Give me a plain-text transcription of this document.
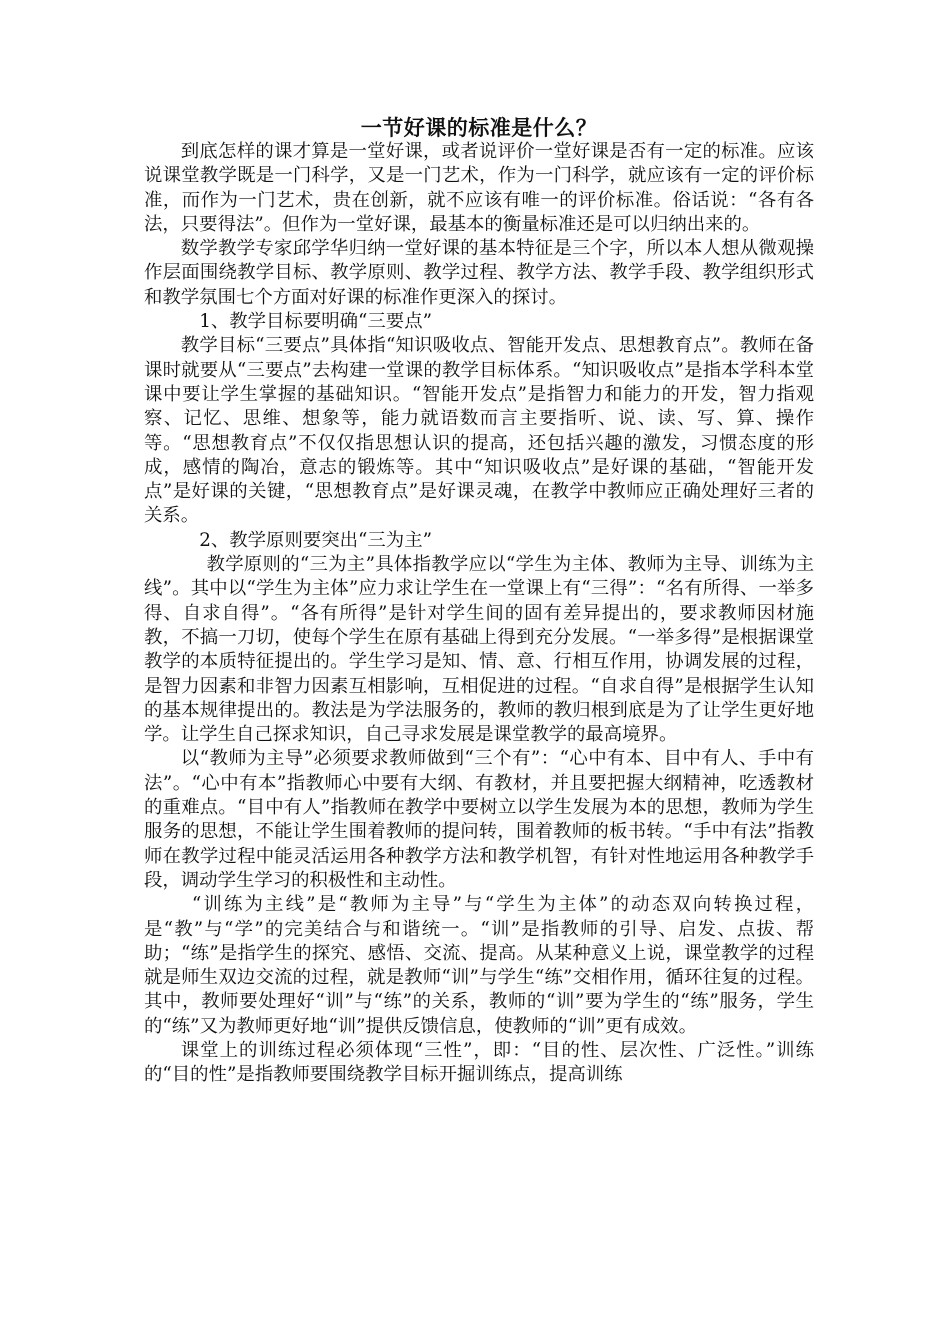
一节好课的标准是什么？

到底怎样的课才算是一堂好课，或者说评价一堂好课是否有一定的标准。应该说课堂教学既是一门科学，又是一门艺术，作为一门科学，就应该有一定的评价标准，而作为一门艺术，贵在创新，就不应该有唯一的评价标准。俗话说：“各有各法，只要得法”。但作为一堂好课，最基本的衡量标准还是可以归纳出来的。

数学教学专家邱学华归纳一堂好课的基本特征是三个字，所以本人想从微观操作层面围绕教学目标、教学原则、教学过程、教学方法、教学手段、教学组织形式和教学氛围七个方面对好课的标准作更深入的探讨。

1、教学目标要明确“三要点”

教学目标“三要点”具体指“知识吸收点、智能开发点、思想教育点”。教师在备课时就要从“三要点”去构建一堂课的教学目标体系。“知识吸收点”是指本学科本堂课中要让学生掌握的基础知识。“智能开发点”是指智力和能力的开发，智力指观察、记忆、思维、想象等，能力就语数而言主要指听、说、读、写、算、操作等。“思想教育点”不仅仅指思想认识的提高，还包括兴趣的激发，习惯态度的形成，感情的陶冶，意志的锻炼等。其中“知识吸收点”是好课的基础，“智能开发点”是好课的关键，“思想教育点”是好课灵魂，在教学中教师应正确处理好三者的关系。

2、教学原则要突出“三为主”

教学原则的“三为主”具体指教学应以“学生为主体、教师为主导、训练为主线”。其中以“学生为主体”应力求让学生在一堂课上有“三得”：“名有所得、一举多得、自求自得”。“各有所得”是针对学生间的固有差异提出的，要求教师因材施教，不搞一刀切，使每个学生在原有基础上得到充分发展。“一举多得”是根据课堂教学的本质特征提出的。学生学习是知、情、意、行相互作用，协调发展的过程，是智力因素和非智力因素互相影响，互相促进的过程。“自求自得”是根据学生认知的基本规律提出的。教法是为学法服务的，教师的教归根到底是为了让学生更好地学。让学生自己探求知识，自己寻求发展是课堂教学的最高境界。

以“教师为主导”必须要求教师做到“三个有”：“心中有本、目中有人、手中有法”。“心中有本”指教师心中要有大纲、有教材，并且要把握大纲精神，吃透教材的重难点。“目中有人”指教师在教学中要树立以学生发展为本的思想，教师为学生服务的思想，不能让学生围着教师的提问转，围着教师的板书转。“手中有法”指教师在教学过程中能灵活运用各种教学方法和教学机智，有针对性地运用各种教学手段，调动学生学习的积极性和主动性。

“训练为主线”是“教师为主导”与“学生为主体”的动态双向转换过程，是“教”与“学”的完美结合与和谐统一。“训”是指教师的引导、启发、点拔、帮助；“练”是指学生的探究、感悟、交流、提高。从某种意义上说，课堂教学的过程就是师生双边交流的过程，就是教师“训”与学生“练”交相作用，循环往复的过程。其中，教师要处理好“训”与“练”的关系，教师的“训”要为学生的“练”服务，学生的“练”又为教师更好地“训”提供反馈信息，使教师的“训”更有成效。

课堂上的训练过程必须体现“三性”，即：“目的性、层次性、广泛性。”训练的“目的性”是指教师要围绕教学目标开掘训练点，提高训练
